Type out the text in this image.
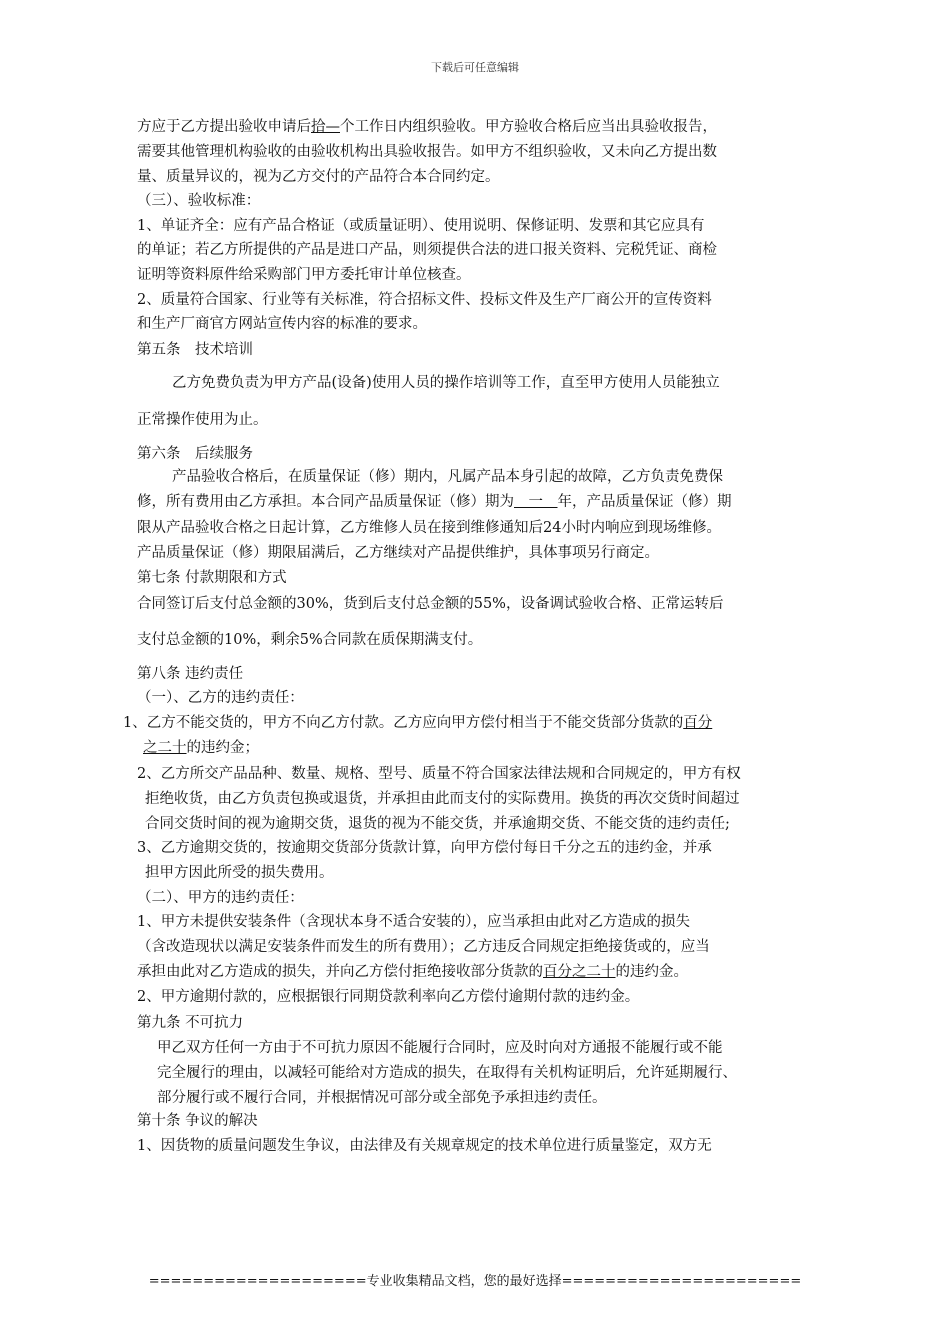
下载后可任意编辑
方应于乙方提出验收申请后拾—个工作日内组织验收。甲方验收合格后应当出具验收报告，
需要其他管理机构验收的由验收机构出具验收报告。如甲方不组织验收，又未向乙方提出数
量、质量异议的，视为乙方交付的产品符合本合同约定。
（三）、验收标准：
1、单证齐全：应有产品合格证（或质量证明）、使用说明、保修证明、发票和其它应具有
的单证；若乙方所提供的产品是进口产品，则须提供合法的进口报关资料、完税凭证、商检
证明等资料原件给采购部门甲方委托审计单位核查。
2、质量符合国家、行业等有关标准，符合招标文件、投标文件及生产厂商公开的宣传资料
和生产厂商官方网站宣传内容的标准的要求。
第五条　技术培训
乙方免费负责为甲方产品(设备)使用人员的操作培训等工作，直至甲方使用人员能独立
正常操作使用为止。
第六条　后续服务
产品验收合格后，在质量保证（修）期内，凡属产品本身引起的故障，乙方负责免费保
修，所有费用由乙方承担。本合同产品质量保证（修）期为　一　年，产品质量保证（修）期
限从产品验收合格之日起计算，乙方维修人员在接到维修通知后24小时内响应到现场维修。
产品质量保证（修）期限届满后，乙方继续对产品提供维护，具体事项另行商定。
第七条 付款期限和方式
合同签订后支付总金额的30%，货到后支付总金额的55%，设备调试验收合格、正常运转后
支付总金额的10%，剩余5%合同款在质保期满支付。
第八条 违约责任
（一）、乙方的违约责任：
1、乙方不能交货的，甲方不向乙方付款。乙方应向甲方偿付相当于不能交货部分货款的百分
之二十的违约金；
2、乙方所交产品品种、数量、规格、型号、质量不符合国家法律法规和合同规定的，甲方有权
拒绝收货，由乙方负责包换或退货，并承担由此而支付的实际费用。换货的再次交货时间超过
合同交货时间的视为逾期交货，退货的视为不能交货，并承逾期交货、不能交货的违约责任;
3、乙方逾期交货的，按逾期交货部分货款计算，向甲方偿付每日千分之五的违约金，并承
担甲方因此所受的损失费用。
（二）、甲方的违约责任：
1、甲方未提供安装条件（含现状本身不适合安装的），应当承担由此对乙方造成的损失
（含改造现状以满足安装条件而发生的所有费用）；乙方违反合同规定拒绝接货或的，应当
承担由此对乙方造成的损失，并向乙方偿付拒绝接收部分货款的百分之二十的违约金。
2、甲方逾期付款的，应根据银行同期贷款利率向乙方偿付逾期付款的违约金。
第九条 不可抗力
甲乙双方任何一方由于不可抗力原因不能履行合同时，应及时向对方通报不能履行或不能
完全履行的理由，以减轻可能给对方造成的损失，在取得有关机构证明后，允许延期履行、
部分履行或不履行合同，并根据情况可部分或全部免予承担违约责任。
第十条 争议的解决
1、因货物的质量问题发生争议，由法律及有关规章规定的技术单位进行质量鉴定，双方无
====================专业收集精品文档，您的最好选择======================
